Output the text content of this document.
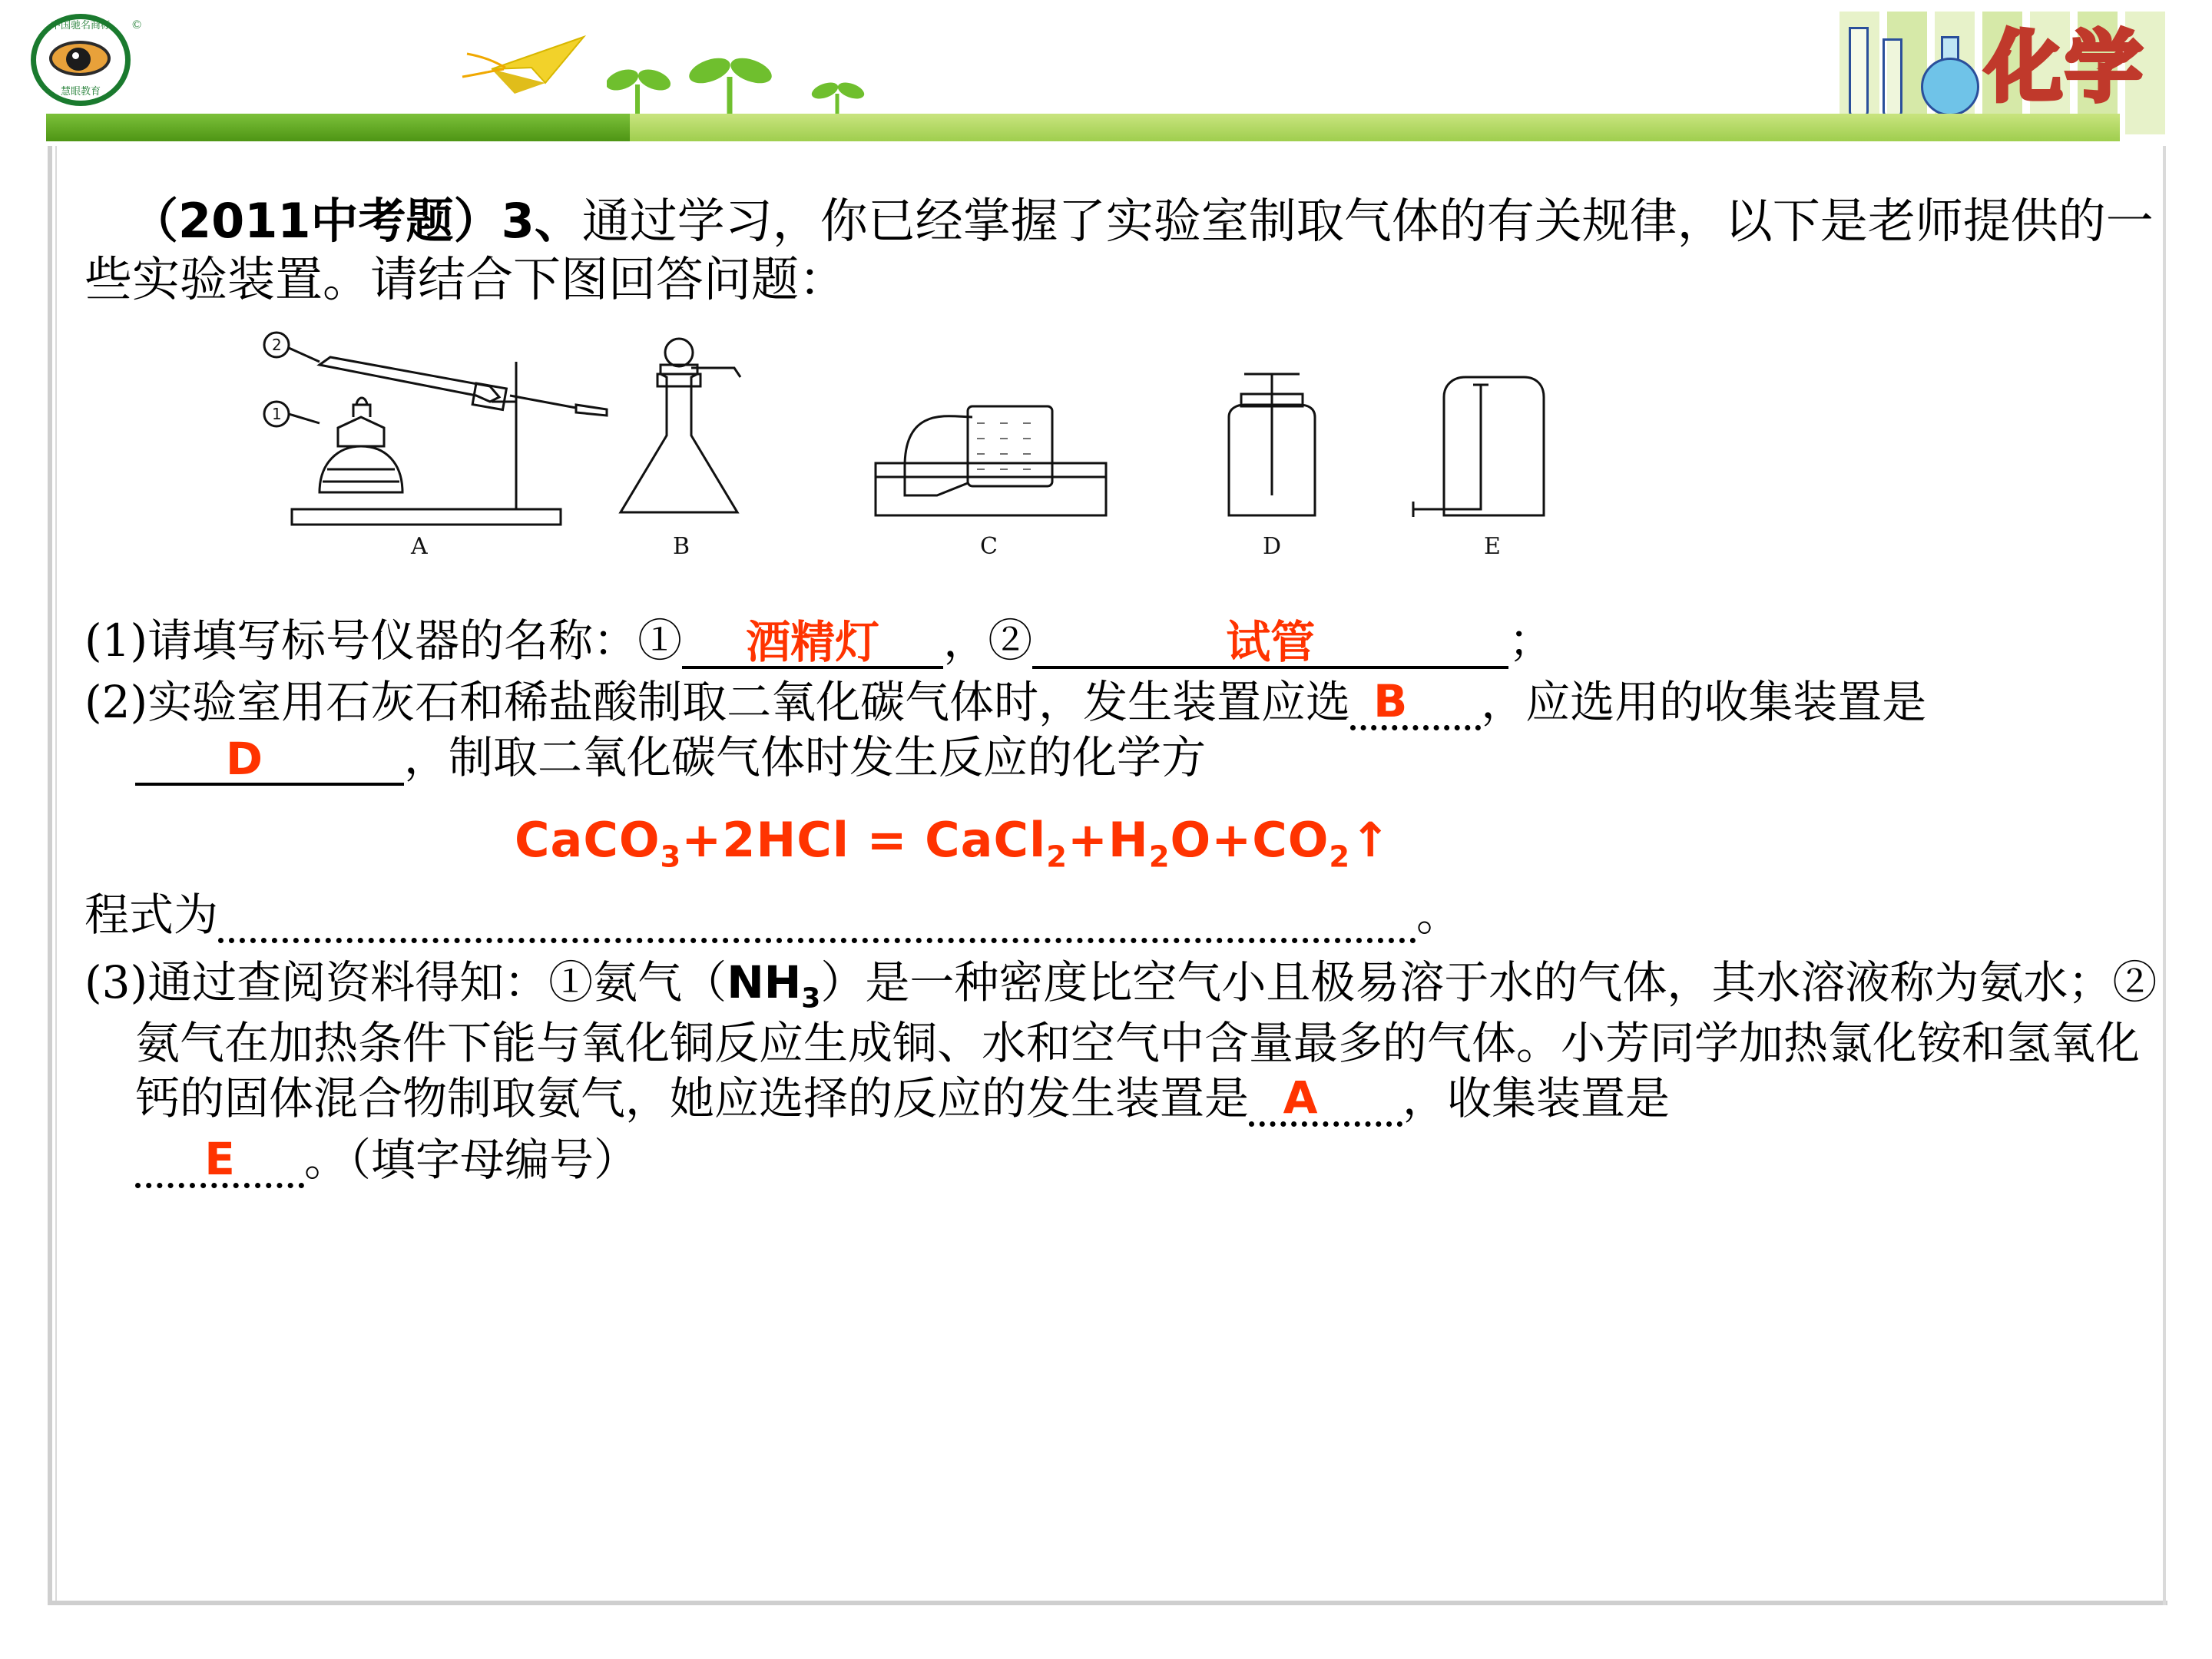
中国驰名商标
慧眼教育
©	化学
（2011中考题）3、通过学习，你已经掌握了实验室制取气体的有关规律，以下是老师提供的一些实验装置。请结合下图回答问题：
2
1
A	B	C	D	E
(1)请填写标号仪器的名称：① 酒精灯 ，②	试管	；
(2)实验室用石灰石和稀盐酸制取二氧化碳气体时，发生装置应选 B ，应选用的收集装置是D	，制取二氧化碳气体时发生反应的化学方
CaCO$_3$+2HCl = $CaCl_2+H_2O+CO_2↑$
程式为	。
(3)通过查阅资料得知：①氨气$(NH_3)$是一种密度比空气小且极易溶于水的气体，其水溶液称为氨水；②氨气在加热条件下能与氧化铜反应生成铜、水和空气中含量最多的气体。小芳同学加热氯化铵和氢氧化钙的固体混合物制取氨气，她应选择的反应的发生装置是 A ，收集装置是
E 。（填字母编号）
